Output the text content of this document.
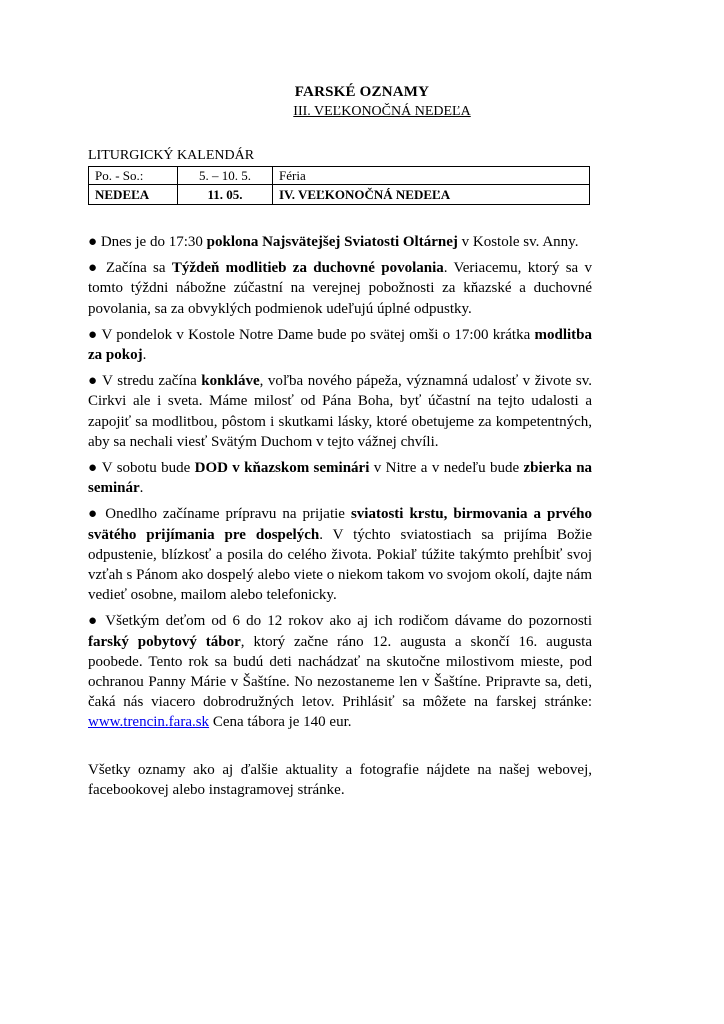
FARSKÉ OZNAMY
III. VEĽKONOČNÁ NEDEĽA
LITURGICKÝ KALENDÁR
Po. - So.:	5. – 10. 5.	Féria
NEDEĽA	11. 05.	IV. VEĽKONOČNÁ NEDEĽA

● Dnes je do 17:30 poklona Najsvätejšej Sviatosti Oltárnej v Kostole sv. Anny.

● Začína sa Týždeň modlitieb za duchovné povolania. Veriacemu, ktorý sa v tomto týždni nábožne zúčastní na verejnej pobožnosti za kňazské a duchovné povolania, sa za obvyklých podmienok udeľujú úplné odpustky.

● V pondelok v Kostole Notre Dame bude po svätej omši o 17:00 krátka modlitba za pokoj.

● V stredu začína konkláve, voľba nového pápeža, významná udalosť v živote sv. Cirkvi ale i sveta. Máme milosť od Pána Boha, byť účastní na tejto udalosti a zapojiť sa modlitbou, pôstom i skutkami lásky, ktoré obetujeme za kompetentných, aby sa nechali viesť Svätým Duchom v tejto vážnej chvíli.

● V sobotu bude DOD v kňazskom seminári v Nitre a v nedeľu bude zbierka na seminár.

● Onedlho začíname prípravu na prijatie sviatosti krstu, birmovania a prvého svätého prijímania pre dospelých. V týchto sviatostiach sa prijíma Božie odpustenie, blízkosť a posila do celého života. Pokiaľ túžite takýmto prehĺbiť svoj vzťah s Pánom ako dospelý alebo viete o niekom takom vo svojom okolí, dajte nám vedieť osobne, mailom alebo telefonicky.

● Všetkým deťom od 6 do 12 rokov ako aj ich rodičom dávame do pozornosti farský pobytový tábor, ktorý začne ráno 12. augusta a skončí 16. augusta poobede. Tento rok sa budú deti nachádzať na skutočne milostivom mieste, pod ochranou Panny Márie v Šaštíne. No nezostaneme len v Šaštíne. Pripravte sa, deti, čaká nás viacero dobrodružných letov. Prihlásiť sa môžete na farskej stránke: www.trencin.fara.sk Cena tábora je 140 eur.

Všetky oznamy ako aj ďalšie aktuality a fotografie nájdete na našej webovej, facebookovej alebo instagramovej stránke.
